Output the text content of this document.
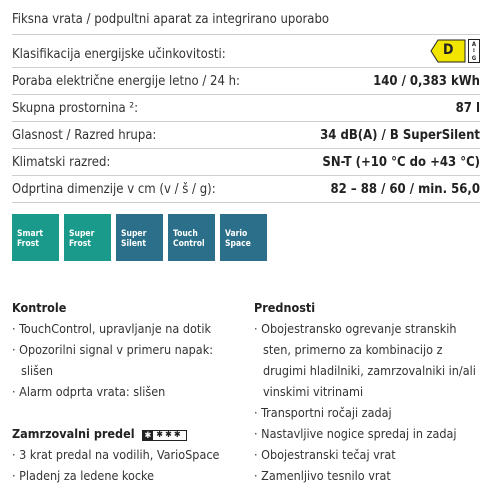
Fiksna vrata / podpultni aparat za integrirano uporabo
Klasifikacija energijske učinkovitosti:	D	A
↕
G
Poraba električne energije letno / 24 h:	140 / 0,383 kWh
Skupna prostornina ²:	87 l
Glasnost / Razred hrupa:	34 dB(A) / B SuperSilent
Klimatski razred:	SN-T (+10 °C do +43 °C)
Odprtina dimenzije v cm (v / š / g):	82 – 88 / 60 / min. 56,0
Smart Frost
Super Frost
Super Silent
Touch Control
Vario Space
Kontrole
· TouchControl, upravljanje na dotik
· Opozorilni signal v primeru napak: slišen
· Alarm odprta vrata: slišen
Zamrzovalni predel ✱ ✱✱✱
· 3 krat predal na vodilih, VarioSpace
· Pladenj za ledene kocke
Prednosti
· Obojestransko ogrevanje stranskih sten, primerno za kombinacijo z drugimi hladilniki, zamrzovalniki in/ali vinskimi vitrinami
· Transportni ročaji zadaj
· Nastavljive nogice spredaj in zadaj
· Obojestranski tečaj vrat
· Zamenljivo tesnilo vrat
